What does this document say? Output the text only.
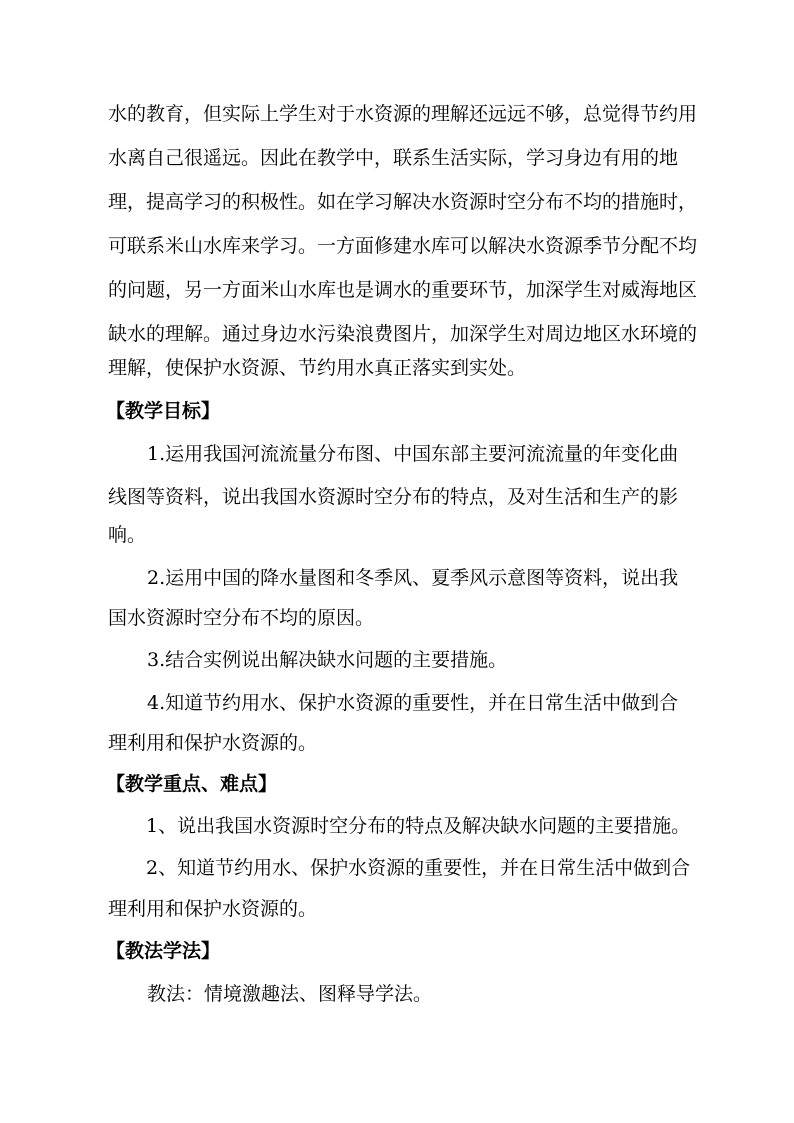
水的教育，但实际上学生对于水资源的理解还远远不够，总觉得节约用
水离自己很遥远。因此在教学中，联系生活实际，学习身边有用的地
理，提高学习的积极性。如在学习解决水资源时空分布不均的措施时，
可联系米山水库来学习。一方面修建水库可以解决水资源季节分配不均
的问题，另一方面米山水库也是调水的重要环节，加深学生对威海地区
缺水的理解。通过身边水污染浪费图片，加深学生对周边地区水环境的
理解，使保护水资源、节约用水真正落实到实处。
【教学目标】
1.运用我国河流流量分布图、中国东部主要河流流量的年变化曲
线图等资料，说出我国水资源时空分布的特点，及对生活和生产的影
响。
2.运用中国的降水量图和冬季风、夏季风示意图等资料，说出我
国水资源时空分布不均的原因。
3.结合实例说出解决缺水问题的主要措施。
4.知道节约用水、保护水资源的重要性，并在日常生活中做到合
理利用和保护水资源的。
【教学重点、难点】
1、说出我国水资源时空分布的特点及解决缺水问题的主要措施。
2、知道节约用水、保护水资源的重要性，并在日常生活中做到合
理利用和保护水资源的。
【教法学法】
教法：情境激趣法、图释导学法。
